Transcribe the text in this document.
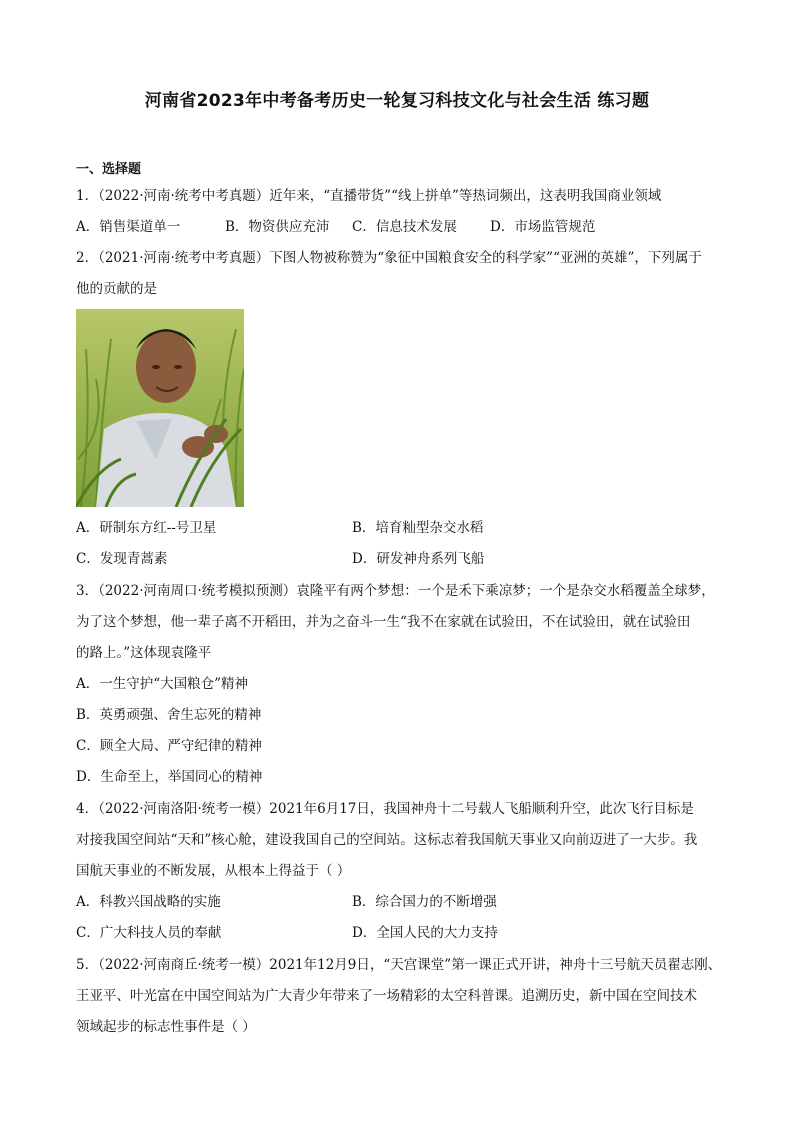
河南省2023年中考备考历史一轮复习科技文化与社会生活 练习题
一、选择题
1．（2022·河南·统考中考真题）近年来，“直播带货”“线上拼单”等热词频出，这表明我国商业领域
A．销售渠道单一	B．物资供应充沛 C．信息技术发展 D．市场监管规范
2．（2021·河南·统考中考真题）下图人物被称赞为“象征中国粮食安全的科学家”“亚洲的英雄”，下列属于
他的贡献的是
A．研制东方红--号卫星	B．培育籼型杂交水稻
C．发现青蒿素	D．研发神舟系列飞船
3．（2022·河南周口·统考模拟预测）袁隆平有两个梦想：一个是禾下乘凉梦；一个是杂交水稻覆盖全球梦，
为了这个梦想，他一辈子离不开稻田，并为之奋斗一生“我不在家就在试验田，不在试验田，就在试验田
的路上。”这体现袁隆平
A．一生守护“大国粮仓”精神
B．英勇顽强、舍生忘死的精神
C．顾全大局、严守纪律的精神
D．生命至上，举国同心的精神
4．（2022·河南洛阳·统考一模）2021年6月17日，我国神舟十二号载人飞船顺利升空，此次飞行目标是
对接我国空间站“天和”核心舱，建设我国自己的空间站。这标志着我国航天事业又向前迈进了一大步。我
国航天事业的不断发展，从根本上得益于（ ）
A．科教兴国战略的实施	B．综合国力的不断增强
C．广大科技人员的奉献	D．全国人民的大力支持
5．（2022·河南商丘·统考一模）2021年12月9日，“天宫课堂”第一课正式开讲，神舟十三号航天员翟志刚、
王亚平、叶光富在中国空间站为广大青少年带来了一场精彩的太空科普课。追溯历史，新中国在空间技术
领域起步的标志性事件是（ ）
